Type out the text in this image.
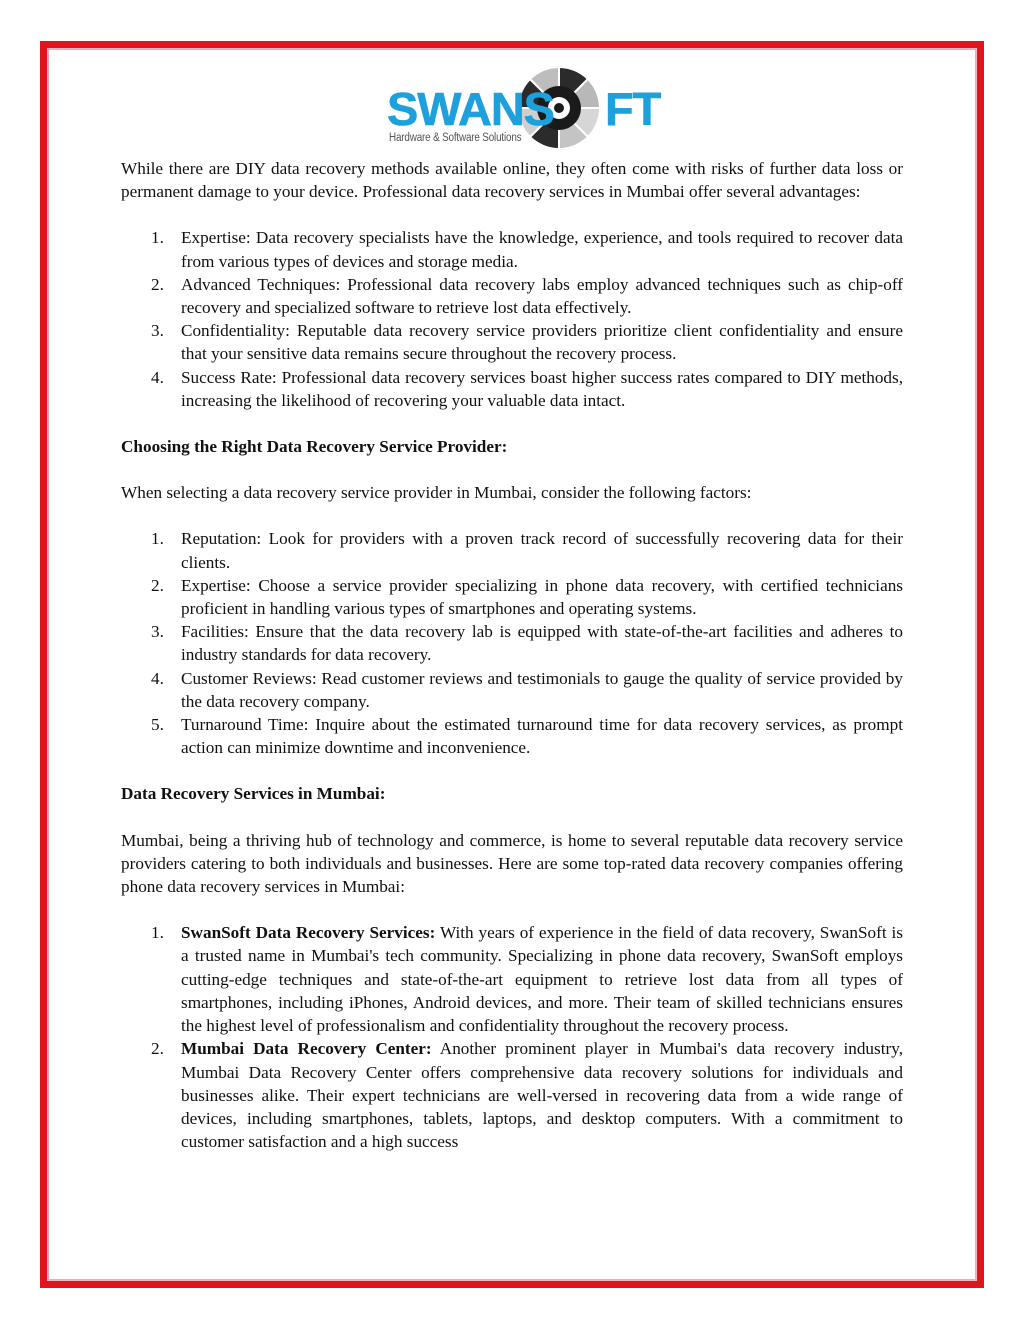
SWANS FT
Hardware & Software Solutions

While there are DIY data recovery methods available online, they often come with risks of further data loss or permanent damage to your device. Professional data recovery services in Mumbai offer several advantages:

1. Expertise: Data recovery specialists have the knowledge, experience, and tools required to recover data from various types of devices and storage media.
2. Advanced Techniques: Professional data recovery labs employ advanced techniques such as chip-off recovery and specialized software to retrieve lost data effectively.
3. Confidentiality: Reputable data recovery service providers prioritize client confidentiality and ensure that your sensitive data remains secure throughout the recovery process.
4. Success Rate: Professional data recovery services boast higher success rates compared to DIY methods, increasing the likelihood of recovering your valuable data intact.
Choosing the Right Data Recovery Service Provider:

When selecting a data recovery service provider in Mumbai, consider the following factors:

1. Reputation: Look for providers with a proven track record of successfully recovering data for their clients.
2. Expertise: Choose a service provider specializing in phone data recovery, with certified technicians proficient in handling various types of smartphones and operating systems.
3. Facilities: Ensure that the data recovery lab is equipped with state-of-the-art facilities and adheres to industry standards for data recovery.
4. Customer Reviews: Read customer reviews and testimonials to gauge the quality of service provided by the data recovery company.
5. Turnaround Time: Inquire about the estimated turnaround time for data recovery services, as prompt action can minimize downtime and inconvenience.
Data Recovery Services in Mumbai:

Mumbai, being a thriving hub of technology and commerce, is home to several reputable data recovery service providers catering to both individuals and businesses. Here are some top-rated data recovery companies offering phone data recovery services in Mumbai:

1. SwanSoft Data Recovery Services: With years of experience in the field of data recovery, SwanSoft is a trusted name in Mumbai's tech community. Specializing in phone data recovery, SwanSoft employs cutting-edge techniques and state-of-the-art equipment to retrieve lost data from all types of smartphones, including iPhones, Android devices, and more. Their team of skilled technicians ensures the highest level of professionalism and confidentiality throughout the recovery process.
2. Mumbai Data Recovery Center: Another prominent player in Mumbai's data recovery industry, Mumbai Data Recovery Center offers comprehensive data recovery solutions for individuals and businesses alike. Their expert technicians are well-versed in recovering data from a wide range of devices, including smartphones, tablets, laptops, and desktop computers. With a commitment to customer satisfaction and a high success
